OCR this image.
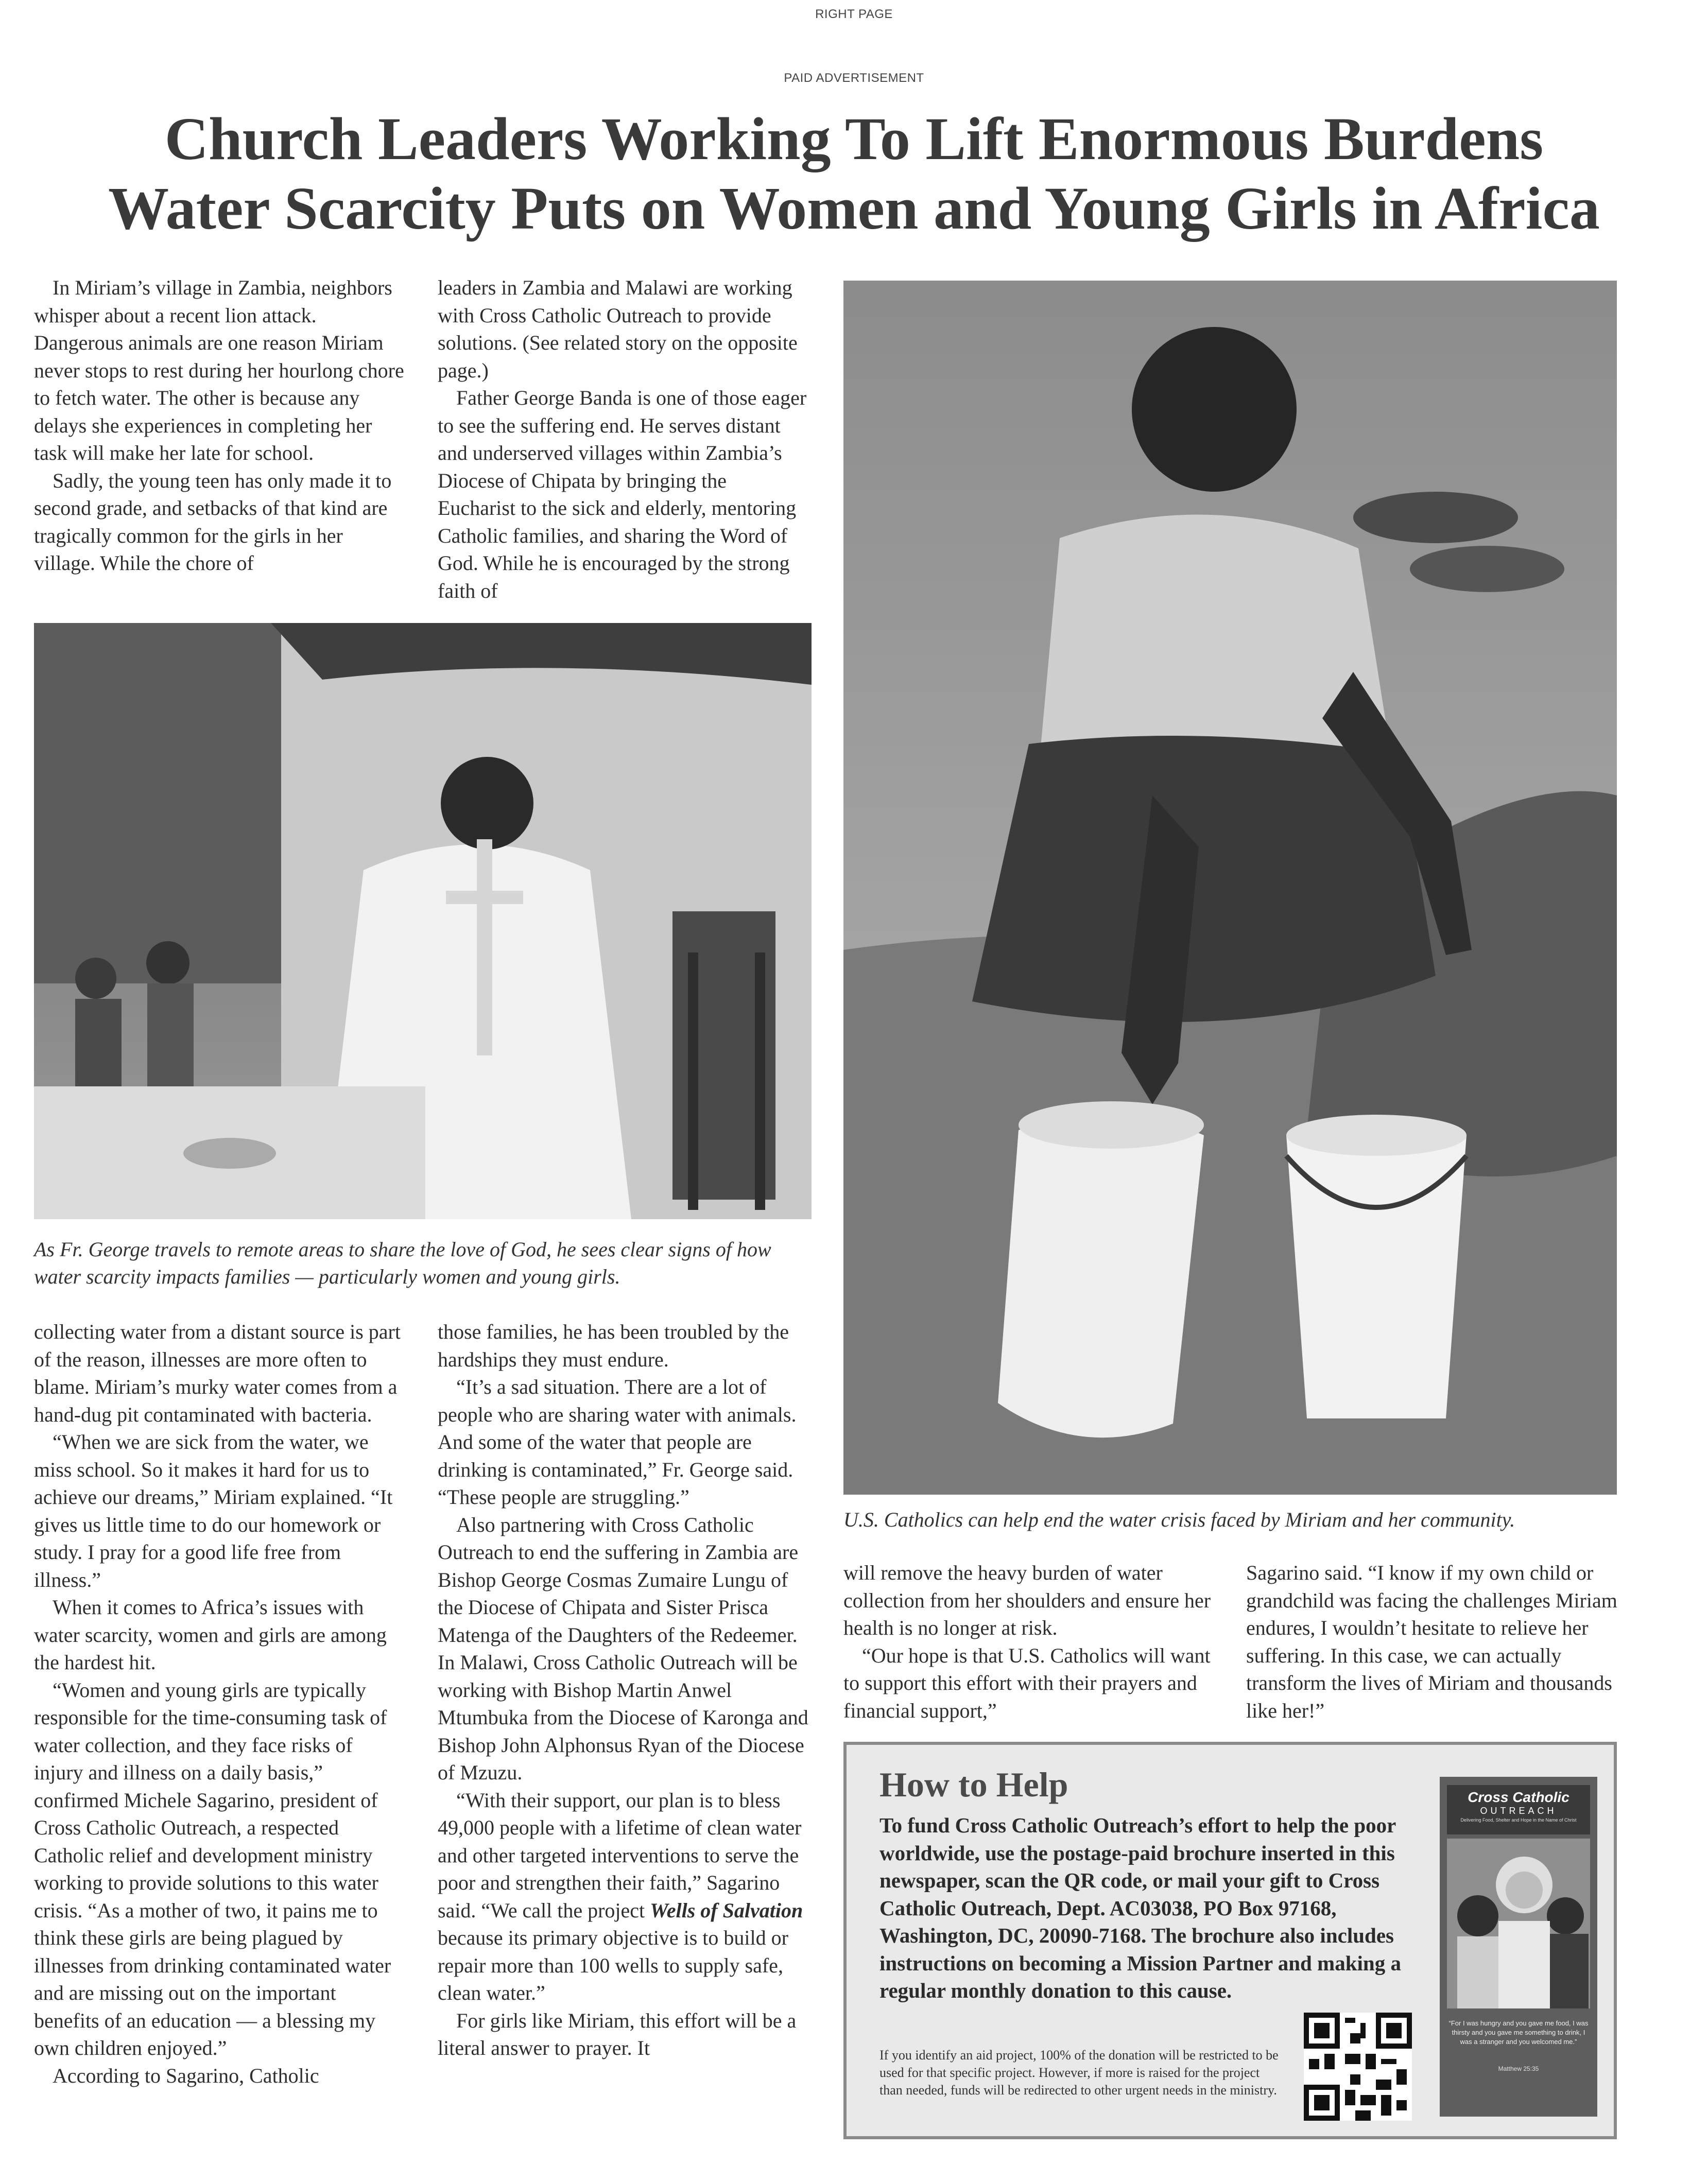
RIGHT PAGE
PAID ADVERTISEMENT
Church Leaders Working To Lift Enormous Burdens
Water Scarcity Puts on Women and Young Girls in Africa

In Miriam’s village in Zambia, neighbors whisper about a recent lion attack. Dangerous animals are one reason Miriam never stops to rest during her hourlong chore to fetch water. The other is because any delays she experiences in completing her task will make her late for school.

Sadly, the young teen has only made it to second grade, and setbacks of that kind are tragically common for the girls in her village. While the chore of

leaders in Zambia and Malawi are working with Cross Catholic Outreach to provide solutions. (See related story on the opposite page.)

Father George Banda is one of those eager to see the suffering end. He serves distant and underserved villages within Zambia’s Diocese of Chipata by bringing the Eucharist to the sick and elderly, mentoring Catholic families, and sharing the Word of God. While he is encouraged by the strong faith of

As Fr. George travels to remote areas to share the love of God, he sees clear signs of how water scarcity impacts families — particularly women and young girls.
U.S. Catholics can help end the water crisis faced by Miriam and her community.

collecting water from a distant source is part of the reason, illnesses are more often to blame. Miriam’s murky water comes from a hand-dug pit contaminated with bacteria.

“When we are sick from the water, we miss school. So it makes it hard for us to achieve our dreams,” Miriam explained. “It gives us little time to do our homework or study. I pray for a good life free from illness.”

When it comes to Africa’s issues with water scarcity, women and girls are among the hardest hit.

“Women and young girls are typically responsible for the time-consuming task of water collection, and they face risks of injury and illness on a daily basis,” confirmed Michele Sagarino, president of Cross Catholic Outreach, a respected Catholic relief and development ministry working to provide solutions to this water crisis. “As a mother of two, it pains me to think these girls are being plagued by illnesses from drinking contaminated water and are missing out on the important benefits of an education — a blessing my own children enjoyed.”

According to Sagarino, Catholic

those families, he has been troubled by the hardships they must endure.

“It’s a sad situation. There are a lot of people who are sharing water with animals. And some of the water that people are drinking is contaminated,” Fr. George said. “These people are struggling.”

Also partnering with Cross Catholic Outreach to end the suffering in Zambia are Bishop George Cosmas Zumaire Lungu of the Diocese of Chipata and Sister Prisca Matenga of the Daughters of the Redeemer. In Malawi, Cross Catholic Outreach will be working with Bishop Martin Anwel Mtumbuka from the Diocese of Karonga and Bishop John Alphonsus Ryan of the Diocese of Mzuzu.

“With their support, our plan is to bless 49,000 people with a lifetime of clean water and other targeted interventions to serve the poor and strengthen their faith,” Sagarino said. “We call the project Wells of Salvation because its primary objective is to build or repair more than 100 wells to supply safe, clean water.”

For girls like Miriam, this effort will be a literal answer to prayer. It

will remove the heavy burden of water collection from her shoulders and ensure her health is no longer at risk.

“Our hope is that U.S. Catholics will want to support this effort with their prayers and financial support,”

Sagarino said. “I know if my own child or grandchild was facing the challenges Miriam endures, I wouldn’t hesitate to relieve her suffering. In this case, we can actually transform the lives of Miriam and thousands like her!”

How to Help
To fund Cross Catholic Outreach’s effort to help the poor worldwide, use the postage-paid brochure inserted in this newspaper, scan the QR code, or mail your gift to Cross Catholic Outreach, Dept. AC03038, PO Box 97168, Washington, DC, 20090-7168. The brochure also includes instructions on becoming a Mission Partner and making a regular monthly donation to this cause.
If you identify an aid project, 100% of the donation will be restricted to be used for that specific project. However, if more is raised for the project than needed, funds will be redirected to other urgent needs in the ministry.
Cross Catholic
OUTREACH
Delivering Food, Shelter and Hope in the Name of Christ
“For I was hungry and you gave me food, I was thirsty and you gave me something to drink, I was a stranger and you welcomed me.”
Matthew 25:35
